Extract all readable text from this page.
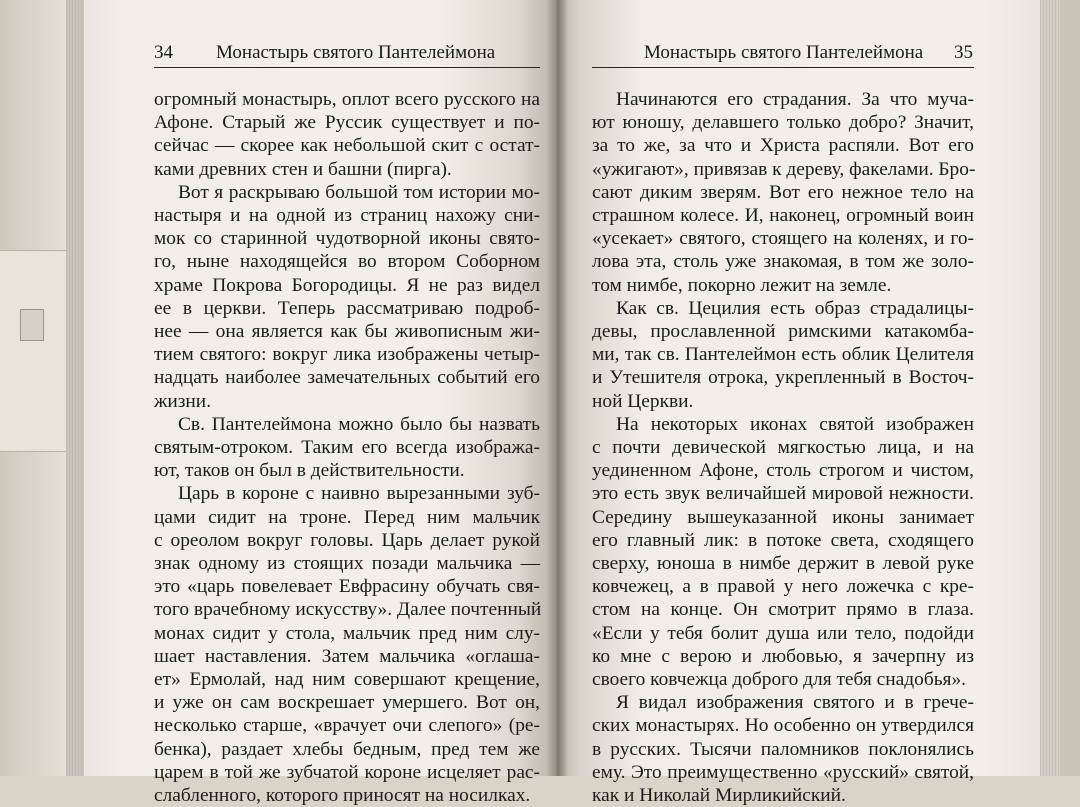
34 Монастырь святого Пантелеймона
огромный монастырь, оплот всего русского на
Афоне. Старый же Руссик существует и по-
сейчас — скорее как небольшой скит с остат-
ками древних стен и башни (пирга).
Вот я раскрываю большой том истории мо-
настыря и на одной из страниц нахожу сни-
мок со старинной чудотворной иконы свято-
го, ныне находящейся во втором Соборном
храме Покрова Богородицы. Я не раз видел
ее в церкви. Теперь рассматриваю подроб-
нее — она является как бы живописным жи-
тием святого: вокруг лика изображены четыр-
надцать наиболее замечательных событий его
жизни.
Св. Пантелеймона можно было бы назвать
святым-отроком. Таким его всегда изобража-
ют, таков он был в действительности.
Царь в короне с наивно вырезанными зуб-
цами сидит на троне. Перед ним мальчик
с ореолом вокруг головы. Царь делает рукой
знак одному из стоящих позади мальчика —
это «царь повелевает Евфрасину обучать свя-
того врачебному искусству». Далее почтенный
монах сидит у стола, мальчик пред ним слу-
шает наставления. Затем мальчика «оглаша-
ет» Ермолай, над ним совершают крещение,
и уже он сам воскрешает умершего. Вот он,
несколько старше, «врачует очи слепого» (ре-
бенка), раздает хлебы бедным, пред тем же
царем в той же зубчатой короне исцеляет рас-
слабленного, которого приносят на носилках.
Монастырь святого Пантелеймона 35
Начинаются его страдания. За что муча-
ют юношу, делавшего только добро? Значит,
за то же, за что и Христа распяли. Вот его
«ужигают», привязав к дереву, факелами. Бро-
сают диким зверям. Вот его нежное тело на
страшном колесе. И, наконец, огромный воин
«усекает» святого, стоящего на коленях, и го-
лова эта, столь уже знакомая, в том же золо-
том нимбе, покорно лежит на земле.
Как св. Цецилия есть образ страдалицы-
девы, прославленной римскими катакомба-
ми, так св. Пантелеймон есть облик Целителя
и Утешителя отрока, укрепленный в Восточ-
ной Церкви.
На некоторых иконах святой изображен
с почти девической мягкостью лица, и на
уединенном Афоне, столь строгом и чистом,
это есть звук величайшей мировой нежности.
Середину вышеуказанной иконы занимает
его главный лик: в потоке света, сходящего
сверху, юноша в нимбе держит в левой руке
ковчежец, а в правой у него ложечка с кре-
стом на конце. Он смотрит прямо в глаза.
«Если у тебя болит душа или тело, подойди
ко мне с верою и любовью, я зачерпну из
своего ковчежца доброго для тебя снадобья».
Я видал изображения святого и в грече-
ских монастырях. Но особенно он утвердился
в русских. Тысячи паломников поклонялись
ему. Это преимущественно «русский» святой,
как и Николай Мирликийский.
